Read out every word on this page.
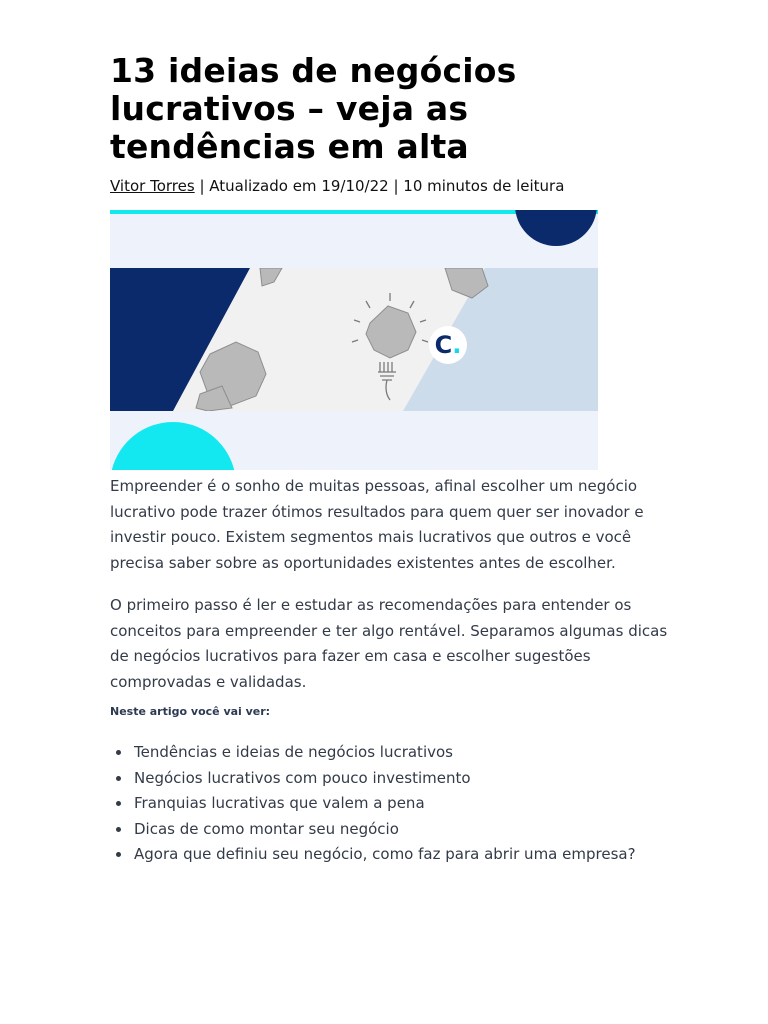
13 ideias de negócios lucrativos – veja as tendências em alta
Vitor Torres | Atualizado em 19/10/22 | 10 minutos de leitura
C .

Empreender é o sonho de muitas pessoas, afinal escolher um negócio lucrativo pode trazer ótimos resultados para quem quer ser inovador e investir pouco. Existem segmentos mais lucrativos que outros e você precisa saber sobre as oportunidades existentes antes de escolher.

O primeiro passo é ler e estudar as recomendações para entender os conceitos para empreender e ter algo rentável. Separamos algumas dicas de negócios lucrativos para fazer em casa e escolher sugestões comprovadas e validadas.

Neste artigo você vai ver:
• Tendências e ideias de negócios lucrativos
• Negócios lucrativos com pouco investimento
• Franquias lucrativas que valem a pena
• Dicas de como montar seu negócio
• Agora que definiu seu negócio, como faz para abrir uma empresa?
